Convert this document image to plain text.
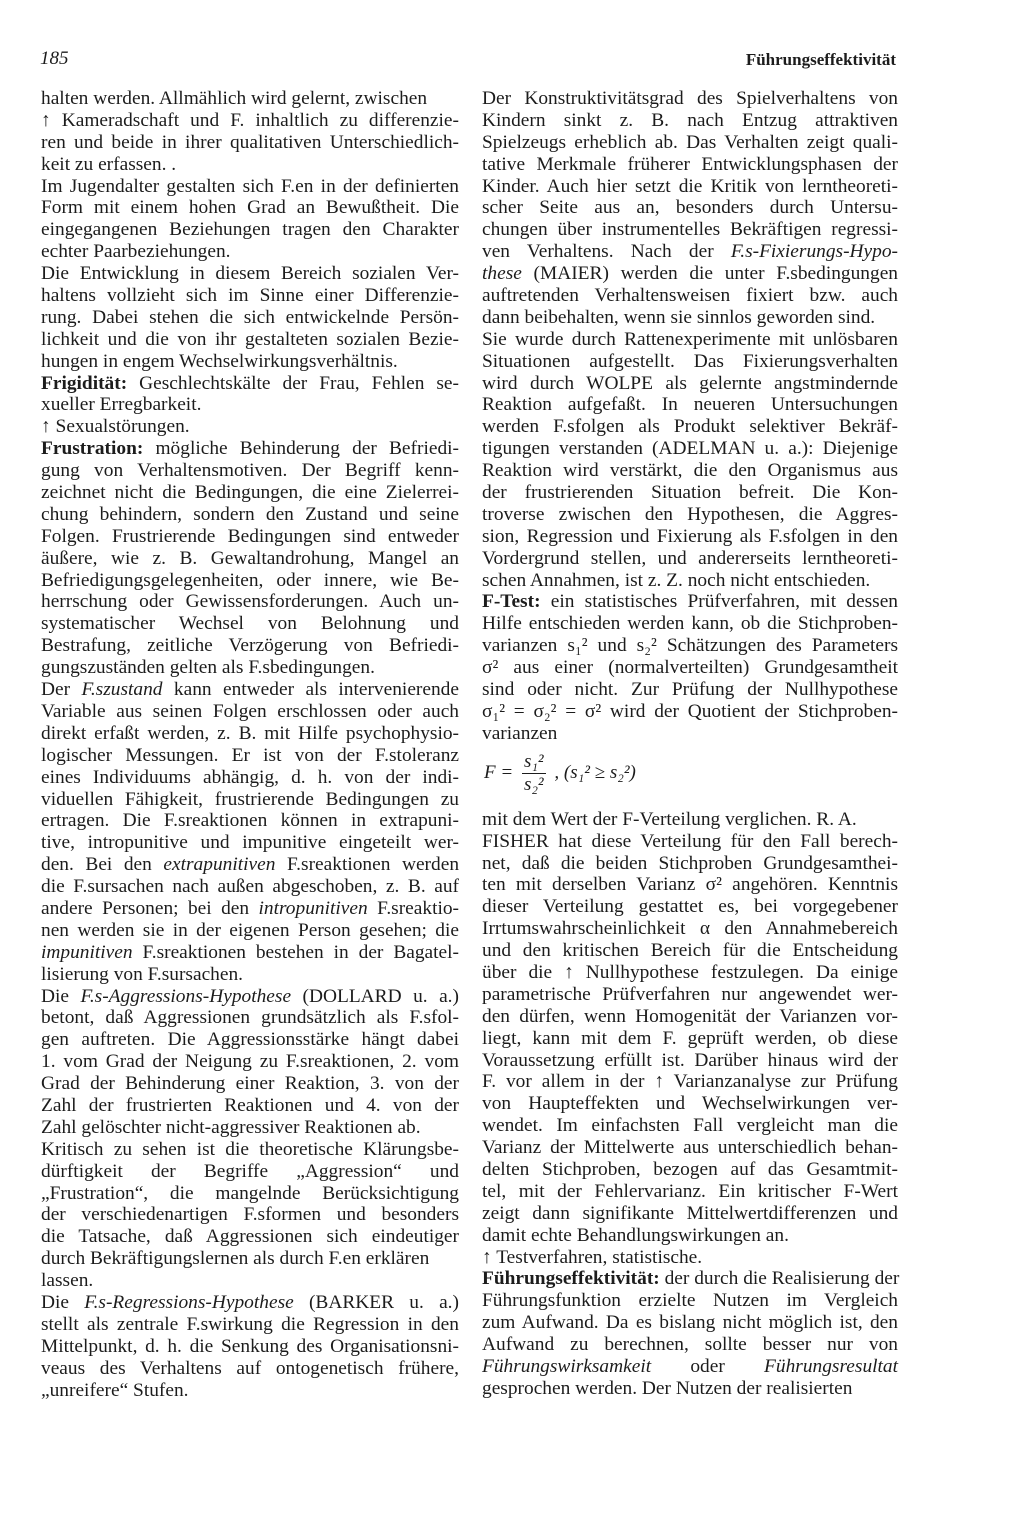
185	Führungseffektivität
halten werden. Allmählich wird gelernt, zwischen
↑ Kameradschaft und F. inhaltlich zu differenzie-
ren und beide in ihrer qualitativen Unterschiedlich-
keit zu erfassen. .
Im Jugendalter gestalten sich F.en in der definierten
Form mit einem hohen Grad an Bewußtheit. Die
eingegangenen Beziehungen tragen den Charakter
echter Paarbeziehungen.
Die Entwicklung in diesem Bereich sozialen Ver-
haltens vollzieht sich im Sinne einer Differenzie-
rung. Dabei stehen die sich entwickelnde Persön-
lichkeit und die von ihr gestalteten sozialen Bezie-
hungen in engem Wechselwirkungsverhältnis.
Frigidität: Geschlechtskälte der Frau, Fehlen se-
xueller Erregbarkeit.
↑ Sexualstörungen.
Frustration: mögliche Behinderung der Befriedi-
gung von Verhaltensmotiven. Der Begriff kenn-
zeichnet nicht die Bedingungen, die eine Zielerrei-
chung behindern, sondern den Zustand und seine
Folgen. Frustrierende Bedingungen sind entweder
äußere, wie z. B. Gewaltandrohung, Mangel an
Befriedigungsgelegenheiten, oder innere, wie Be-
herrschung oder Gewissensforderungen. Auch un-
systematischer Wechsel von Belohnung und
Bestrafung, zeitliche Verzögerung von Befriedi-
gungszuständen gelten als F.sbedingungen.
Der F.szustand kann entweder als intervenierende
Variable aus seinen Folgen erschlossen oder auch
direkt erfaßt werden, z. B. mit Hilfe psychophysio-
logischer Messungen. Er ist von der F.stoleranz
eines Individuums abhängig, d. h. von der indi-
viduellen Fähigkeit, frustrierende Bedingungen zu
ertragen. Die F.sreaktionen können in extrapuni-
tive, intropunitive und impunitive eingeteilt wer-
den. Bei den extrapunitiven F.sreaktionen werden
die F.sursachen nach außen abgeschoben, z. B. auf
andere Personen; bei den intropunitiven F.sreaktio-
nen werden sie in der eigenen Person gesehen; die
impunitiven F.sreaktionen bestehen in der Bagatel-
lisierung von F.sursachen.
Die F.s-Aggressions-Hypothese (DOLLARD u. a.)
betont, daß Aggressionen grundsätzlich als F.sfol-
gen auftreten. Die Aggressionsstärke hängt dabei
1. vom Grad der Neigung zu F.sreaktionen, 2. vom
Grad der Behinderung einer Reaktion, 3. von der
Zahl der frustrierten Reaktionen und 4. von der
Zahl gelöschter nicht-aggressiver Reaktionen ab.
Kritisch zu sehen ist die theoretische Klärungsbe-
dürftigkeit der Begriffe „Aggression“ und
„Frustration“, die mangelnde Berücksichtigung
der verschiedenartigen F.sformen und besonders
die Tatsache, daß Aggressionen sich eindeutiger
durch Bekräftigungslernen als durch F.en erklären
lassen.
Die F.s-Regressions-Hypothese (BARKER u. a.)
stellt als zentrale F.swirkung die Regression in den
Mittelpunkt, d. h. die Senkung des Organisationsni-
veaus des Verhaltens auf ontogenetisch frühere,
„unreifere“ Stufen.
Der Konstruktivitätsgrad des Spielverhaltens von
Kindern sinkt z. B. nach Entzug attraktiven
Spielzeugs erheblich ab. Das Verhalten zeigt quali-
tative Merkmale früherer Entwicklungsphasen der
Kinder. Auch hier setzt die Kritik von lerntheoreti-
scher Seite aus an, besonders durch Untersu-
chungen über instrumentelles Bekräftigen regressi-
ven Verhaltens. Nach der F.s-Fixierungs-Hypo-
these (MAIER) werden die unter F.sbedingungen
auftretenden Verhaltensweisen fixiert bzw. auch
dann beibehalten, wenn sie sinnlos geworden sind.
Sie wurde durch Rattenexperimente mit unlösbaren
Situationen aufgestellt. Das Fixierungsverhalten
wird durch WOLPE als gelernte angstmindernde
Reaktion aufgefaßt. In neueren Untersuchungen
werden F.sfolgen als Produkt selektiver Bekräf-
tigungen verstanden (ADELMAN u. a.): Diejenige
Reaktion wird verstärkt, die den Organismus aus
der frustrierenden Situation befreit. Die Kon-
troverse zwischen den Hypothesen, die Aggres-
sion, Regression und Fixierung als F.sfolgen in den
Vordergrund stellen, und andererseits lerntheoreti-
schen Annahmen, ist z. Z. noch nicht entschieden.
F-Test: ein statistisches Prüfverfahren, mit dessen
Hilfe entschieden werden kann, ob die Stichproben-
varianzen s₁² und s₂² Schätzungen des Parameters
σ² aus einer (normalverteilten) Grundgesamtheit
sind oder nicht. Zur Prüfung der Nullhypothese
σ₁² = σ₂² = σ² wird der Quotient der Stichproben-
varianzen
$F = \frac{\text{s₁²}}{\text{s₂²}}$ , (s₁² ≥ s₂²)
mit dem Wert der F-Verteilung verglichen. R. A.
FISHER hat diese Verteilung für den Fall berech-
net, daß die beiden Stichproben Grundgesamthei-
ten mit derselben Varianz σ² angehören. Kenntnis
dieser Verteilung gestattet es, bei vorgegebener
Irrtumswahrscheinlichkeit α den Annahmebereich
und den kritischen Bereich für die Entscheidung
über die ↑ Nullhypothese festzulegen. Da einige
parametrische Prüfverfahren nur angewendet wer-
den dürfen, wenn Homogenität der Varianzen vor-
liegt, kann mit dem F. geprüft werden, ob diese
Voraussetzung erfüllt ist. Darüber hinaus wird der
F. vor allem in der ↑ Varianzanalyse zur Prüfung
von Haupteffekten und Wechselwirkungen ver-
wendet. Im einfachsten Fall vergleicht man die
Varianz der Mittelwerte aus unterschiedlich behan-
delten Stichproben, bezogen auf das Gesamtmit-
tel, mit der Fehlervarianz. Ein kritischer F-Wert
zeigt dann signifikante Mittelwertdifferenzen und
damit echte Behandlungswirkungen an.
↑ Testverfahren, statistische.
Führungseffektivität: der durch die Realisierung der
Führungsfunktion erzielte Nutzen im Vergleich
zum Aufwand. Da es bislang nicht möglich ist, den
Aufwand zu berechnen, sollte besser nur von
Führungswirksamkeit oder Führungsresultat
gesprochen werden. Der Nutzen der realisierten
